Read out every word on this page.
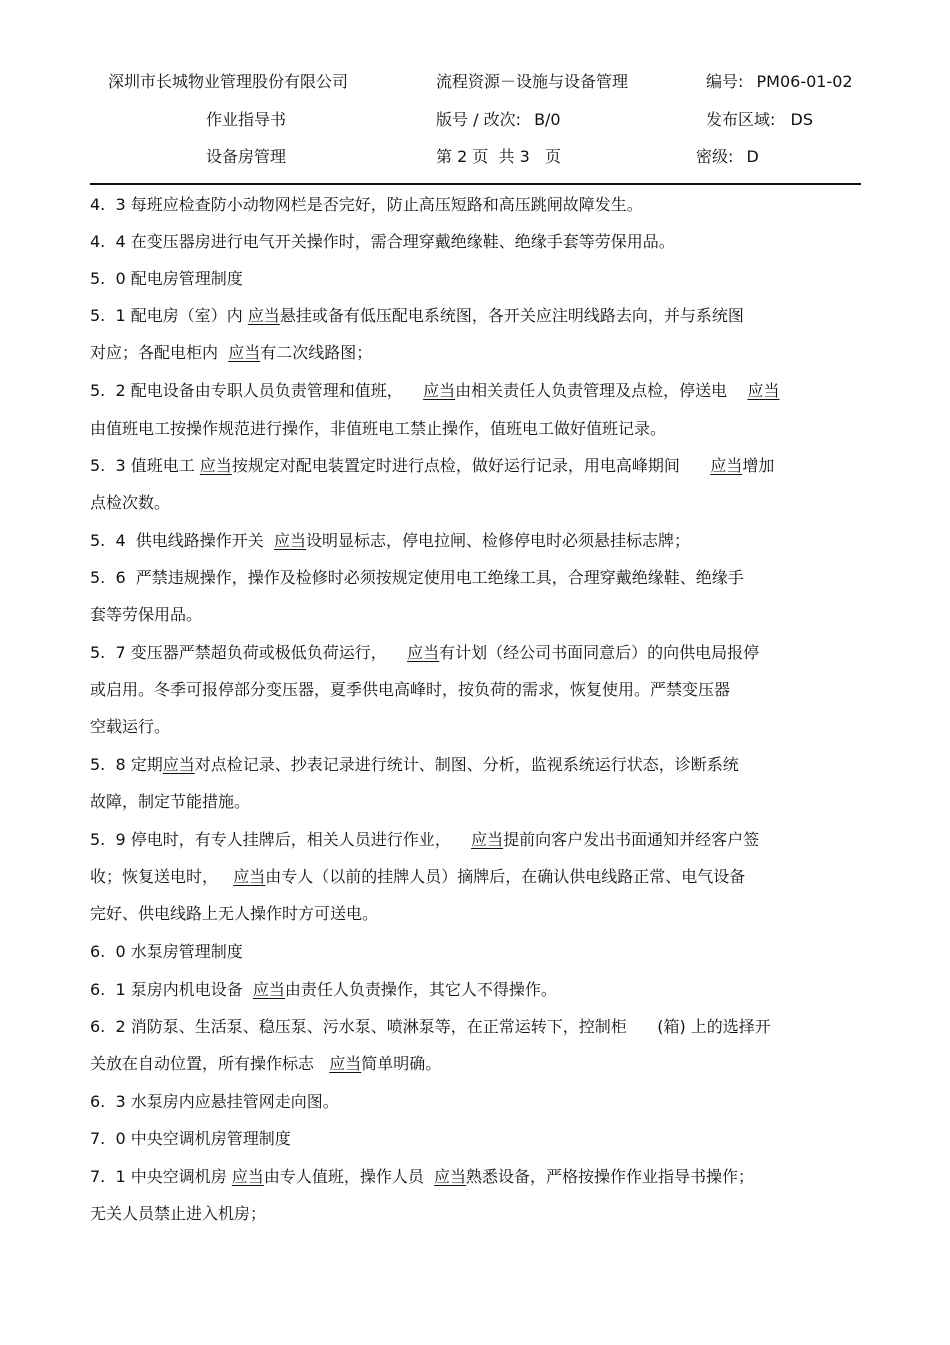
深圳市长城物业管理股份有限公司	流程资源－设施与设备管理	编号: PM06-01-02
作业指导书	版号 / 改次: B/0	发布区域: DS
设备房管理	第 2 页  共 3   页	密级: D
4.  3 每班应检查防小动物网栏是否完好，防止高压短路和高压跳闸故障发生。
4.  4 在变压器房进行电气开关操作时，需合理穿戴绝缘鞋、绝缘手套等劳保用品。
5.  0 配电房管理制度
5.  1 配电房（室）内 应当悬挂或备有低压配电系统图，各开关应注明线路去向，并与系统图
对应；各配电柜内  应当有二次线路图；
5.  2 配电设备由专职人员负责管理和值班，    应当由相关责任人负责管理及点检，停送电    应当
由值班电工按操作规范进行操作，非值班电工禁止操作，值班电工做好值班记录。
5.  3 值班电工 应当按规定对配电装置定时进行点检，做好运行记录，用电高峰期间      应当增加
点检次数。
5.  4  供电线路操作开关  应当设明显标志，停电拉闸、检修停电时必须悬挂标志牌；
5.  6  严禁违规操作，操作及检修时必须按规定使用电工绝缘工具，合理穿戴绝缘鞋、绝缘手
套等劳保用品。
5.  7 变压器严禁超负荷或极低负荷运行，    应当有计划（经公司书面同意后）的向供电局报停
或启用。冬季可报停部分变压器，夏季供电高峰时，按负荷的需求，恢复使用。严禁变压器
空载运行。
5.  8 定期应当对点检记录、抄表记录进行统计、制图、分析，监视系统运行状态，诊断系统
故障，制定节能措施。
5.  9 停电时，有专人挂牌后，相关人员进行作业，    应当提前向客户发出书面通知并经客户签
收；恢复送电时，   应当由专人（以前的挂牌人员）摘牌后，在确认供电线路正常、电气设备
完好、供电线路上无人操作时方可送电。
6.  0 水泵房管理制度
6.  1 泵房内机电设备  应当由责任人负责操作，其它人不得操作。
6.  2 消防泵、生活泵、稳压泵、污水泵、喷淋泵等，在正常运转下，控制柜      (箱) 上的选择开
关放在自动位置，所有操作标志   应当简单明确。
6.  3 水泵房内应悬挂管网走向图。
7.  0 中央空调机房管理制度
7.  1 中央空调机房 应当由专人值班，操作人员  应当熟悉设备，严格按操作作业指导书操作；
无关人员禁止进入机房；
